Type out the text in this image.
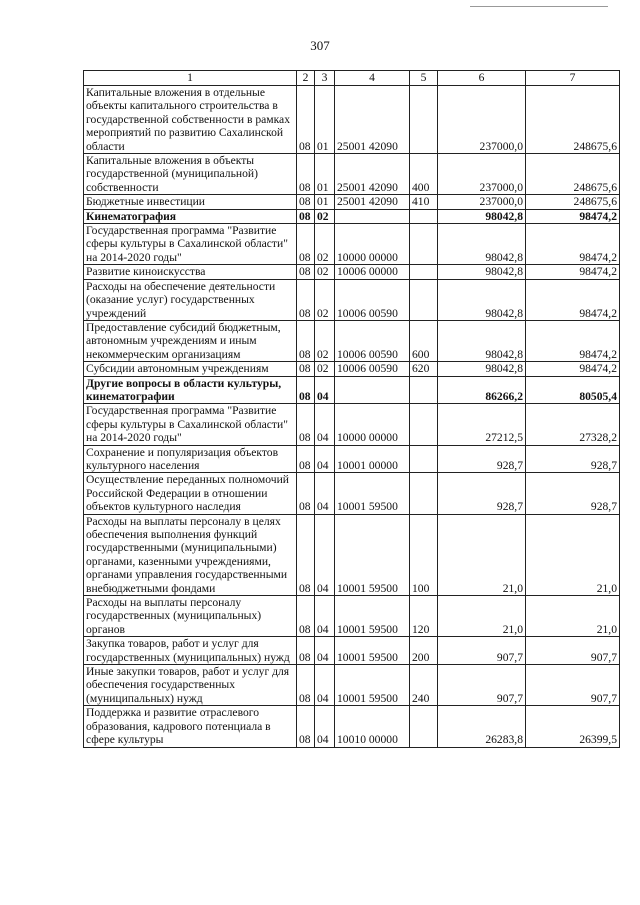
307
1	2	3	4	5	6	7
Капитальные вложения в отдельные объекты капитального строительства в государственной собственности в рамках мероприятий по развитию Сахалинской области	08	01	25001 42090		237000,0	248675,6
Капитальные вложения в объекты государственной (муниципальной) собственности	08	01	25001 42090	400	237000,0	248675,6
Бюджетные инвестиции	08	01	25001 42090	410	237000,0	248675,6
Кинематография	08	02			98042,8	98474,2
Государственная программа "Развитие сферы культуры в Сахалинской области" на 2014-2020 годы"	08	02	10000 00000		98042,8	98474,2
Развитие киноискусства	08	02	10006 00000		98042,8	98474,2
Расходы на обеспечение деятельности (оказание услуг) государственных учреждений	08	02	10006 00590		98042,8	98474,2
Предоставление субсидий бюджетным, автономным учреждениям и иным некоммерческим организациям	08	02	10006 00590	600	98042,8	98474,2
Субсидии автономным учреждениям	08	02	10006 00590	620	98042,8	98474,2
Другие вопросы в области культуры, кинематографии	08	04			86266,2	80505,4
Государственная программа "Развитие сферы культуры в Сахалинской области" на 2014-2020 годы"	08	04	10000 00000		27212,5	27328,2
Сохранение и популяризация объектов культурного населения	08	04	10001 00000		928,7	928,7
Осуществление переданных полномочий Российской Федерации в отношении объектов культурного наследия	08	04	10001 59500		928,7	928,7
Расходы на выплаты персоналу в целях обеспечения выполнения функций государственными (муниципальными) органами, казенными учреждениями, органами управления государственными внебюджетными фондами	08	04	10001 59500	100	21,0	21,0
Расходы на выплаты персоналу государственных (муниципальных) органов	08	04	10001 59500	120	21,0	21,0
Закупка товаров, работ и услуг для государственных (муниципальных) нужд	08	04	10001 59500	200	907,7	907,7
Иные закупки товаров, работ и услуг для обеспечения государственных (муниципальных) нужд	08	04	10001 59500	240	907,7	907,7
Поддержка и развитие отраслевого образования, кадрового потенциала в сфере культуры	08	04	10010 00000		26283,8	26399,5
